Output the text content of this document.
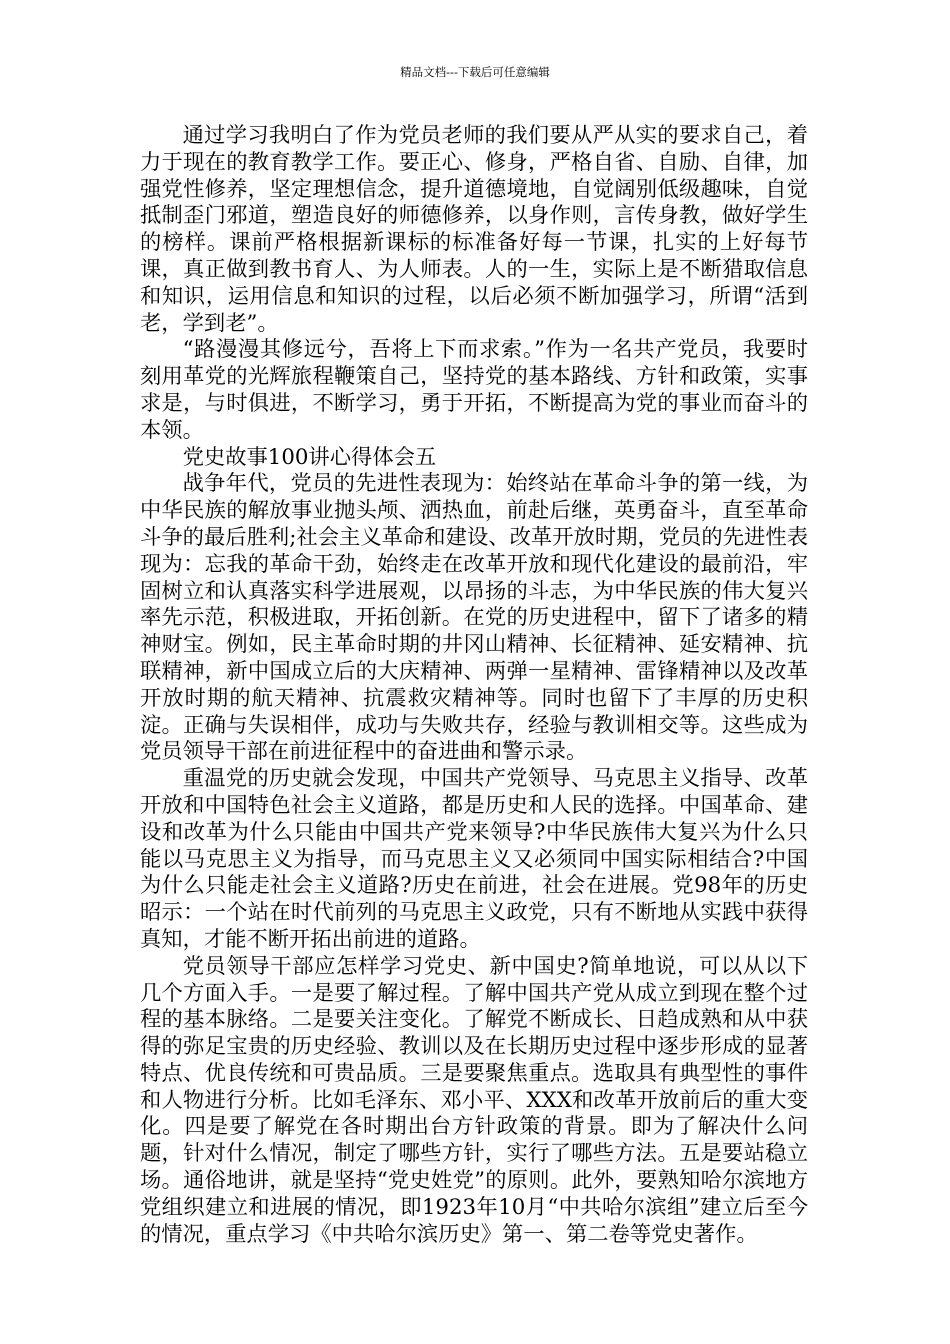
精品文档---下载后可任意编辑

通过学习我明白了作为党员老师的我们要从严从实的要求自己，着力于现在的教育教学工作。要正心、修身，严格自省、自励、自律，加强党性修养，坚定理想信念，提升道德境地，自觉阔别低级趣味，自觉抵制歪门邪道，塑造良好的师德修养，以身作则，言传身教，做好学生的榜样。课前严格根据新课标的标准备好每一节课，扎实的上好每节课，真正做到教书育人、为人师表。人的一生，实际上是不断猎取信息和知识，运用信息和知识的过程，以后必须不断加强学习，所谓“活到老，学到老”。

“路漫漫其修远兮，吾将上下而求索。”作为一名共产党员，我要时刻用革党的光辉旅程鞭策自己，坚持党的基本路线、方针和政策，实事求是，与时俱进，不断学习，勇于开拓，不断提高为党的事业而奋斗的本领。

党史故事100讲心得体会五

战争年代，党员的先进性表现为：始终站在革命斗争的第一线，为中华民族的解放事业抛头颅、洒热血，前赴后继，英勇奋斗，直至革命斗争的最后胜利;社会主义革命和建设、改革开放时期，党员的先进性表现为：忘我的革命干劲，始终走在改革开放和现代化建设的最前沿，牢固树立和认真落实科学进展观，以昂扬的斗志，为中华民族的伟大复兴率先示范，积极进取，开拓创新。在党的历史进程中，留下了诸多的精神财宝。例如，民主革命时期的井冈山精神、长征精神、延安精神、抗联精神，新中国成立后的大庆精神、两弹一星精神、雷锋精神以及改革开放时期的航天精神、抗震救灾精神等。同时也留下了丰厚的历史积淀。正确与失误相伴，成功与失败共存，经验与教训相交等。这些成为党员领导干部在前进征程中的奋进曲和警示录。

重温党的历史就会发现，中国共产党领导、马克思主义指导、改革开放和中国特色社会主义道路，都是历史和人民的选择。中国革命、建设和改革为什么只能由中国共产党来领导?中华民族伟大复兴为什么只能以马克思主义为指导，而马克思主义又必须同中国实际相结合?中国为什么只能走社会主义道路?历史在前进，社会在进展。党98年的历史昭示：一个站在时代前列的马克思主义政党，只有不断地从实践中获得真知，才能不断开拓出前进的道路。

党员领导干部应怎样学习党史、新中国史?简单地说，可以从以下几个方面入手。一是要了解过程。了解中国共产党从成立到现在整个过程的基本脉络。二是要关注变化。了解党不断成长、日趋成熟和从中获得的弥足宝贵的历史经验、教训以及在长期历史过程中逐步形成的显著特点、优良传统和可贵品质。三是要聚焦重点。选取具有典型性的事件和人物进行分析。比如毛泽东、邓小平、XXX和改革开放前后的重大变化。四是要了解党在各时期出台方针政策的背景。即为了解决什么问题，针对什么情况，制定了哪些方针，实行了哪些方法。五是要站稳立场。通俗地讲，就是坚持“党史姓党”的原则。此外，要熟知哈尔滨地方党组织建立和进展的情况，即1923年10月“中共哈尔滨组”建立后至今的情况，重点学习《中共哈尔滨历史》第一、第二卷等党史著作。
